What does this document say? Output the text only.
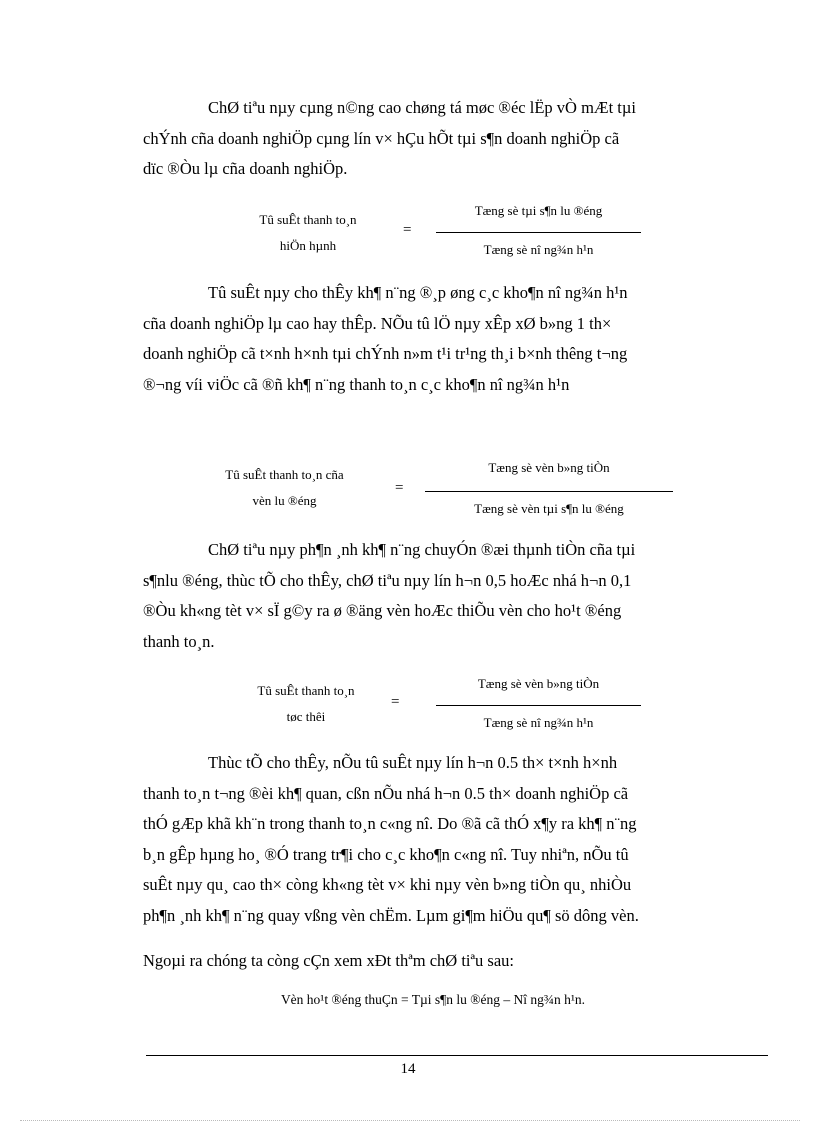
ChØ tiªu nµy cµng n©ng cao chøng tá møc ®éc lËp vÒ mÆt tµi
chÝnh cña doanh nghiÖp cµng lín v× hÇu hÕt tµi s¶n doanh nghiÖp cã
dïc ®Òu lµ cña doanh nghiÖp.
Tû suÊt thanh to¸n
hiÖn hµnh
=
Tæng sè tµi s¶n lu ®éng
Tæng sè nî ng¾n h¹n
Tû suÊt nµy cho thÊy kh¶ n¨ng ®¸p øng c¸c kho¶n nî ng¾n h¹n
cña doanh nghiÖp lµ cao hay thÊp. NÕu tû lÖ nµy xÊp xØ b»ng 1 th×
doanh nghiÖp cã t×nh h×nh tµi chÝnh n»m t¹i tr¹ng th¸i b×nh thêng t¬ng
®¬ng víi viÖc cã ®ñ kh¶ n¨ng thanh to¸n c¸c kho¶n nî ng¾n h¹n
Tû suÊt thanh to¸n cña
vèn lu ®éng
=
Tæng sè vèn b»ng tiÒn
Tæng sè vèn tµi s¶n lu ®éng
ChØ tiªu nµy ph¶n ¸nh kh¶ n¨ng chuyÓn ®æi thµnh tiÒn cña tµi
s¶nlu ®éng, thùc tÕ cho thÊy, chØ tiªu nµy lín h¬n 0,5 hoÆc nhá h¬n 0,1
®Òu kh«ng tèt v× sÏ g©y ra ø ®äng vèn hoÆc thiÕu vèn cho ho¹t ®éng
thanh to¸n.
Tû suÊt thanh to¸n
tøc thêi
=
Tæng sè vèn b»ng tiÒn
Tæng sè nî ng¾n h¹n
Thùc tÕ cho thÊy, nÕu tû suÊt nµy lín h¬n 0.5 th× t×nh h×nh
thanh to¸n t¬ng ®èi kh¶ quan, cßn nÕu nhá h¬n 0.5 th× doanh nghiÖp cã
thÓ gÆp khã kh¨n trong thanh to¸n c«ng nî. Do ®ã cã thÓ x¶y ra kh¶ n¨ng
b¸n gÊp hµng ho¸ ®Ó trang tr¶i cho c¸c kho¶n c«ng nî. Tuy nhiªn, nÕu tû
suÊt nµy qu¸ cao th× còng kh«ng tèt v× khi nµy vèn b»ng tiÒn qu¸ nhiÒu
ph¶n ¸nh kh¶ n¨ng quay vßng vèn chËm. Lµm gi¶m hiÖu qu¶ sö dông vèn.
Ngoµi ra chóng ta còng cÇn xem xÐt thªm chØ tiªu sau:
Vèn ho¹t ®éng thuÇn = Tµi s¶n lu ®éng – Nî ng¾n h¹n.
14
